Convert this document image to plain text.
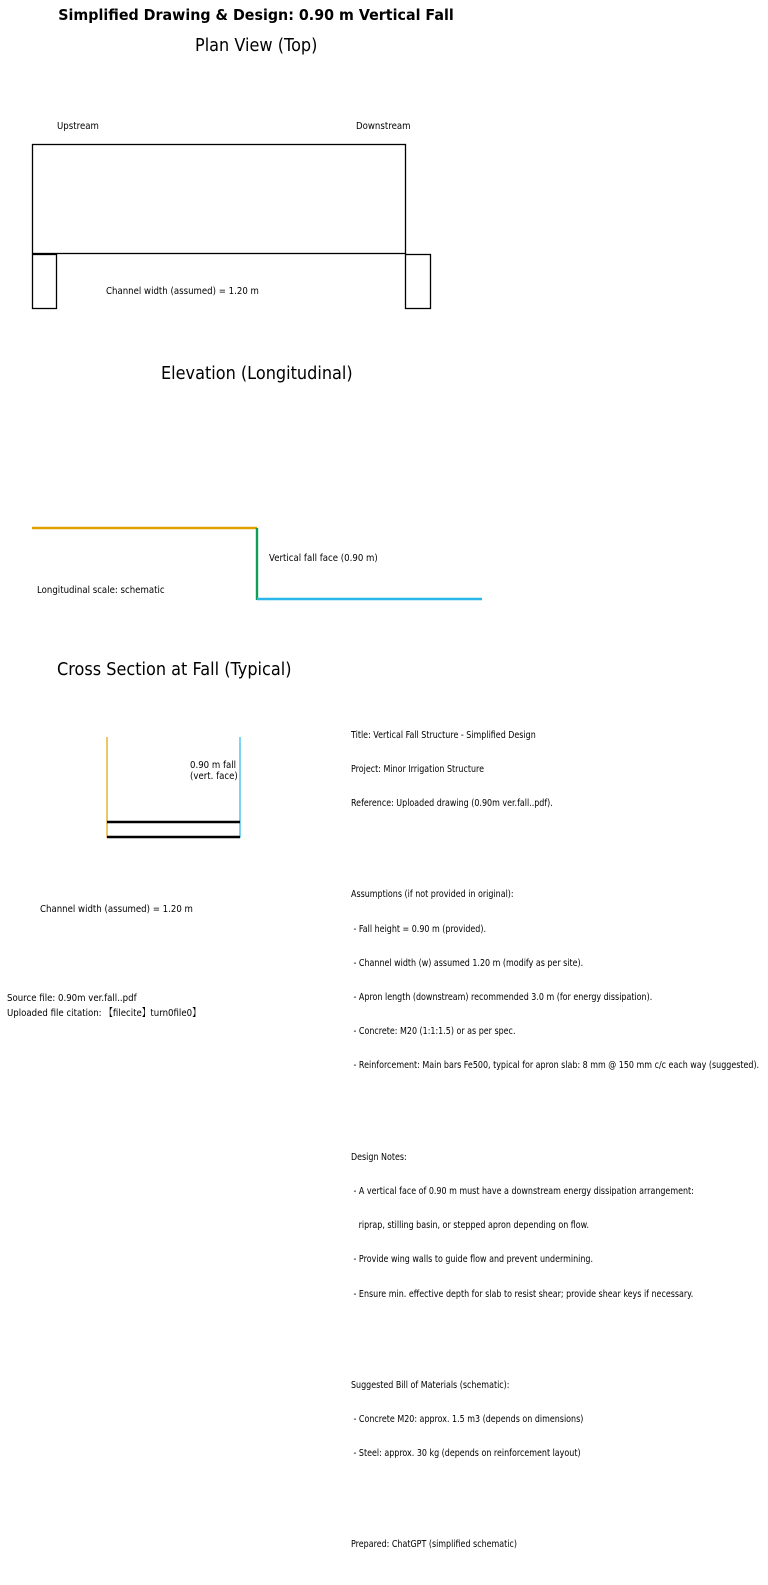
Simplified Drawing & Design: 0.90 m Vertical Fall
Plan View (Top)
Upstream	Downstream
Channel width (assumed) = 1.20 m
Elevation (Longitudinal)
Vertical fall face (0.90 m)
Longitudinal scale: schematic
Cross Section at Fall (Typical)
0.90 m fall
(vert. face)
Channel width (assumed) = 1.20 m

Title: Vertical Fall Structure - Simplified Design

Project: Minor Irrigation Structure

Reference: Uploaded drawing (0.90m ver.fall..pdf).

Assumptions (if not provided in original):

- Fall height = 0.90 m (provided).

- Channel width (w) assumed 1.20 m (modify as per site).

- Apron length (downstream) recommended 3.0 m (for energy dissipation).

- Concrete: M20 (1:1:1.5) or as per spec.

- Reinforcement: Main bars Fe500, typical for apron slab: 8 mm @ 150 mm c/c each way (suggested).

Design Notes:

- A vertical face of 0.90 m must have a downstream energy dissipation arrangement:

riprap, stilling basin, or stepped apron depending on flow.

- Provide wing walls to guide flow and prevent undermining.

- Ensure min. effective depth for slab to resist shear; provide shear keys if necessary.

Suggested Bill of Materials (schematic):

- Concrete M20: approx. 1.5 m3 (depends on dimensions)

- Steel: approx. 30 kg (depends on reinforcement layout)

Prepared: ChatGPT (simplified schematic)

Source file: 0.90m ver.fall..pdf
Uploaded file citation: 【filecite】turn0file0】
